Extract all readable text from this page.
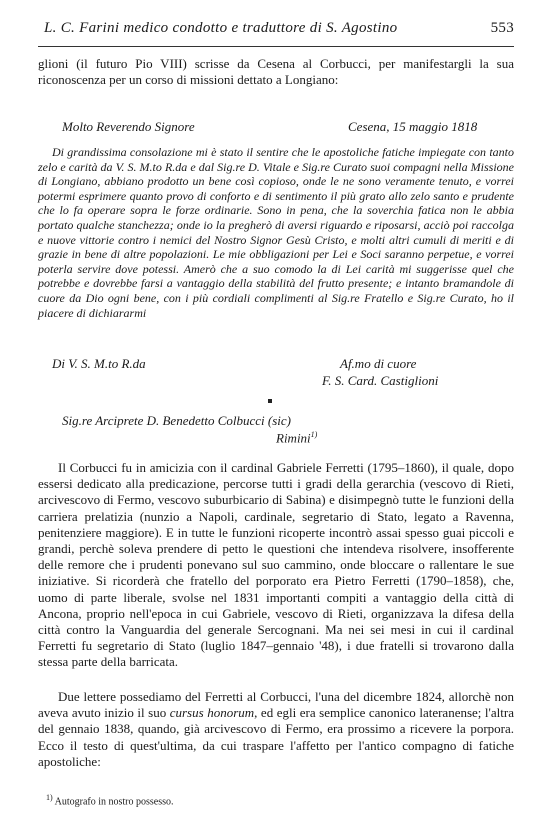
L. C. Farini medico condotto e traduttore di S. Agostino	553

glioni (il futuro Pio VIII) scrisse da Cesena al Corbucci, per manifestargli la sua riconoscenza per un corso di missioni dettato a Longiano:

Molto Reverendo Signore	Cesena, 15 maggio 1818

Di grandissima consolazione mi è stato il sentire che le apostoliche fatiche impiegate con tanto zelo e carità da V. S. M.to R.da e dal Sig.re D. Vitale e Sig.re Curato suoi compagni nella Missione di Longiano, abbiano prodotto un bene così copioso, onde le ne sono veramente tenuto, e vorrei potermi esprimere quanto provo di conforto e di sentimento il più grato allo zelo santo e prudente che lo fa operare sopra le forze ordinarie. Sono in pena, che la soverchia fatica non le abbia portato qualche stanchezza; onde io la pregherò di aversi riguardo e riposarsi, acciò poi raccolga e nuove vittorie contro i nemici del Nostro Signor Gesù Cristo, e molti altri cumuli di meriti e di grazie in bene di altre popolazioni. Le mie obbligazioni per Lei e Soci saranno perpetue, e vorrei poterla servire dove potessi. Amerò che a suo comodo la di Lei carità mi suggerisse quel che potrebbe e dovrebbe farsi a vantaggio della stabilità del frutto presente; e intanto bramandole di cuore da Dio ogni bene, con i più cordiali complimenti al Sig.re Fratello e Sig.re Curato, ho il piacere di dichiararmi

Di V. S. M.to R.da	Af.mo di cuore
F. S. Card. Castiglioni
Sig.re Arciprete D. Benedetto Colbucci (sic)
Rimini$^{1)}$

Il Corbucci fu in amicizia con il cardinal Gabriele Ferretti (1795–1860), il quale, dopo essersi dedicato alla predicazione, percorse tutti i gradi della gerarchia (vescovo di Rieti, arcivescovo di Fermo, vescovo suburbicario di Sabina) e disimpegnò tutte le funzioni della carriera prelatizia (nunzio a Napoli, cardinale, segretario di Stato, legato a Ravenna, penitenziere maggiore). E in tutte le funzioni ricoperte incontrò assai spesso guai piccoli e grandi, perchè soleva prendere di petto le questioni che intendeva risolvere, insofferente delle remore che i prudenti ponevano sul suo cammino, onde bloccare o rallentare le sue iniziative. Si ricorderà che fratello del porporato era Pietro Ferretti (1790–1858), che, uomo di parte liberale, svolse nel 1831 importanti compiti a vantaggio della città di Ancona, proprio nell'epoca in cui Gabriele, vescovo di Rieti, organizzava la difesa della città contro la Vanguardia del generale Sercognani. Ma nei sei mesi in cui il cardinal Ferretti fu segretario di Stato (luglio 1847–gennaio '48), i due fratelli si trovarono dalla stessa parte della barricata.

Due lettere possediamo del Ferretti al Corbucci, l'una del dicembre 1824, allorchè non aveva avuto inizio il suo cursus honorum, ed egli era semplice canonico lateranense; l'altra del gennaio 1838, quando, già arcivescovo di Fermo, era prossimo a ricevere la porpora. Ecco il testo di quest'ultima, da cui traspare l'affetto per l'antico compagno di fatiche apostoliche:

$^{1)}$ Autografo in nostro possesso.
